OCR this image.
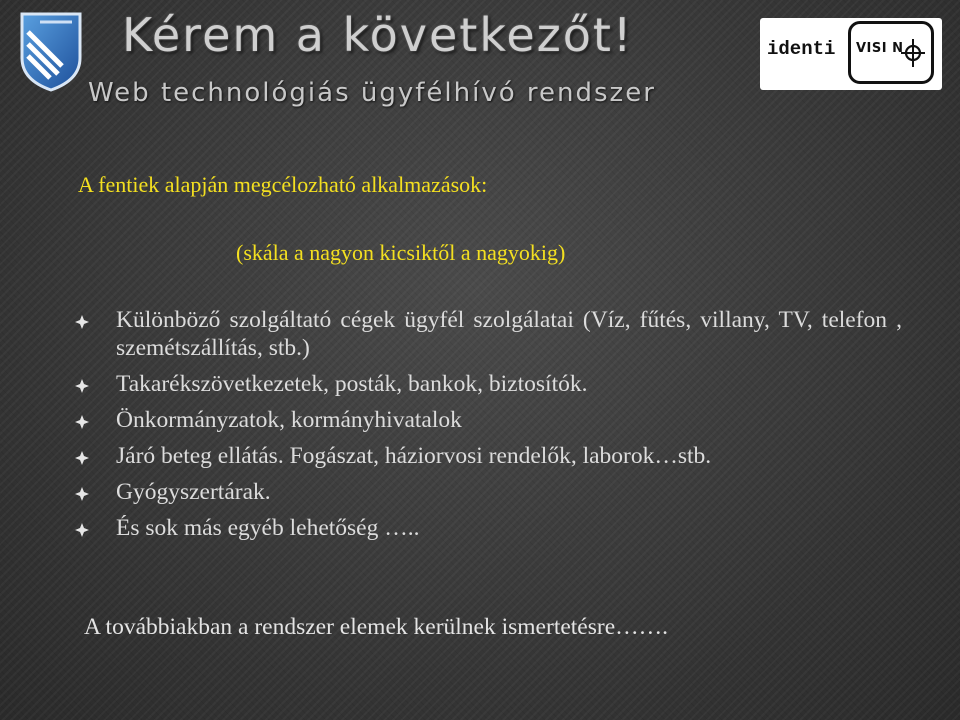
Kérem a következőt!
Web technológiás ügyfélhívó rendszer
identi VISI N
A fentiek alapján megcélozható alkalmazások:
(skála a nagyon kicsiktől a nagyokig)
Különböző szolgáltató cégek ügyfél szolgálatai (Víz, fűtés, villany, TV, telefon , szemétszállítás, stb.)
Takarékszövetkezetek, posták, bankok, biztosítók.
Önkormányzatok, kormányhivatalok
Járó beteg ellátás. Fogászat, háziorvosi rendelők, laborok…stb.
Gyógyszertárak.
És sok más egyéb lehetőség …..
A továbbiakban a rendszer elemek kerülnek ismertetésre…….
